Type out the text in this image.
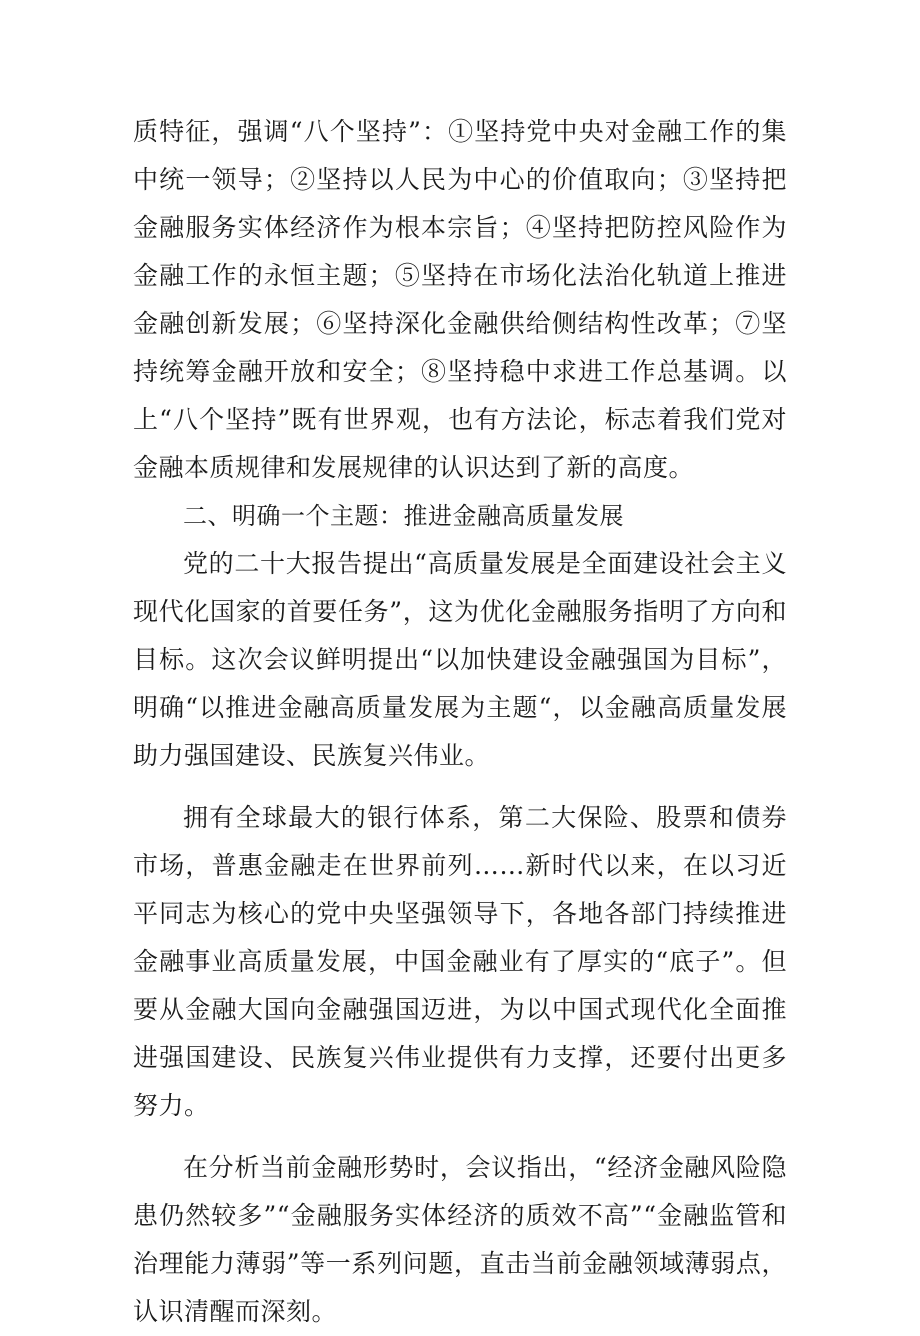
质特征，强调“八个坚持”：①坚持党中央对金融工作的集中统一领导；②坚持以人民为中心的价值取向；③坚持把金融服务实体经济作为根本宗旨；④坚持把防控风险作为金融工作的永恒主题；⑤坚持在市场化法治化轨道上推进金融创新发展；⑥坚持深化金融供给侧结构性改革；⑦坚持统筹金融开放和安全；⑧坚持稳中求进工作总基调。以上“八个坚持”既有世界观，也有方法论，标志着我们党对金融本质规律和发展规律的认识达到了新的高度。

二、明确一个主题：推进金融高质量发展

党的二十大报告提出“高质量发展是全面建设社会主义现代化国家的首要任务”，这为优化金融服务指明了方向和目标。这次会议鲜明提出“以加快建设金融强国为目标”，明确“以推进金融高质量发展为主题“，以金融高质量发展助力强国建设、民族复兴伟业。

拥有全球最大的银行体系，第二大保险、股票和债券市场，普惠金融走在世界前列……新时代以来，在以习近平同志为核心的党中央坚强领导下，各地各部门持续推进金融事业高质量发展，中国金融业有了厚实的“底子”。但要从金融大国向金融强国迈进，为以中国式现代化全面推进强国建设、民族复兴伟业提供有力支撑，还要付出更多努力。

在分析当前金融形势时，会议指出，“经济金融风险隐患仍然较多”“金融服务实体经济的质效不高”“金融监管和治理能力薄弱”等一系列问题，直击当前金融领域薄弱点，认识清醒而深刻。
